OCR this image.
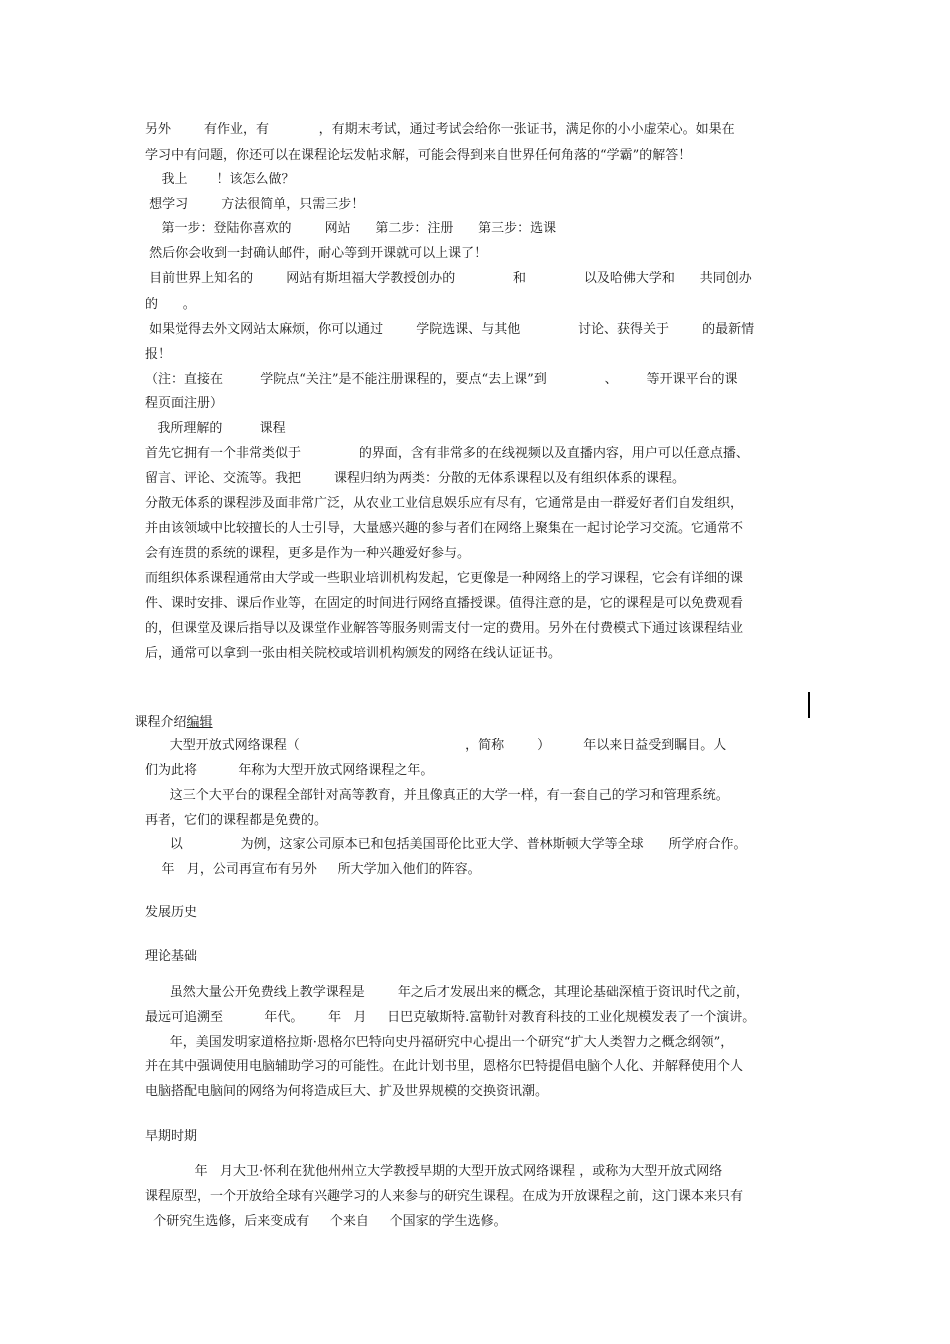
另外        有作业，有            ，有期末考试，通过考试会给你一张证书，满足你的小小虚荣心。如果在
学习中有问题，你还可以在课程论坛发帖求解，可能会得到来自世界任何角落的“学霸”的解答！
我上       ！该怎么做？
想学习        方法很简单，只需三步！
第一步：登陆你喜欢的        网站      第二步：注册      第三步：选课
然后你会收到一封确认邮件，耐心等到开课就可以上课了！
目前世界上知名的        网站有斯坦福大学教授创办的              和              以及哈佛大学和      共同创办
的      。
如果觉得去外文网站太麻烦，你可以通过        学院选课、与其他              讨论、获得关于        的最新情
报！
（注：直接在         学院点“关注”是不能注册课程的，要点“去上课”到              、       等开课平台的课
程页面注册）
我所理解的         课程
首先它拥有一个非常类似于              的界面，含有非常多的在线视频以及直播内容，用户可以任意点播、
留言、评论、交流等。我把        课程归纳为两类：分散的无体系课程以及有组织体系的课程。
分散无体系的课程涉及面非常广泛，从农业工业信息娱乐应有尽有，它通常是由一群爱好者们自发组织，
并由该领域中比较擅长的人士引导，大量感兴趣的参与者们在网络上聚集在一起讨论学习交流。它通常不
会有连贯的系统的课程，更多是作为一种兴趣爱好参与。
而组织体系课程通常由大学或一些职业培训机构发起，它更像是一种网络上的学习课程，它会有详细的课
件、课时安排、课后作业等，在固定的时间进行网络直播授课。值得注意的是，它的课程是可以免费观看
的，但课堂及课后指导以及课堂作业解答等服务则需支付一定的费用。另外在付费模式下通过该课程结业
后，通常可以拿到一张由相关院校或培训机构颁发的网络在线认证证书。

课程介绍编辑

大型开放式网络课程（                                        ，简称        ）        年以来日益受到瞩目。人
们为此将          年称为大型开放式网络课程之年。
这三个大平台的课程全部针对高等教育，并且像真正的大学一样，有一套自己的学习和管理系统。
再者，它们的课程都是免费的。
以              为例，这家公司原本已和包括美国哥伦比亚大学、普林斯顿大学等全球      所学府合作。
年   月，公司再宣布有另外     所大学加入他们的阵容。
发展历史
理论基础
虽然大量公开免费线上教学课程是        年之后才发展出来的概念，其理论基础深植于资讯时代之前，
最远可追溯至          年代。      年   月     日巴克敏斯特.富勒针对教育科技的工业化规模发表了一个演讲。
年，美国发明家道格拉斯·恩格尔巴特向史丹福研究中心提出一个研究“扩大人类智力之概念纲领”，
并在其中强调使用电脑辅助学习的可能性。在此计划书里，恩格尔巴特提倡电脑个人化、并解释使用个人
电脑搭配电脑间的网络为何将造成巨大、扩及世界规模的交换资讯潮。
早期时期
年   月大卫·怀利在犹他州州立大学教授早期的大型开放式网络课程 ，或称为大型开放式网络
课程原型，一个开放给全球有兴趣学习的人来参与的研究生课程。在成为开放课程之前，这门课本来只有
个研究生选修，后来变成有     个来自     个国家的学生选修。
